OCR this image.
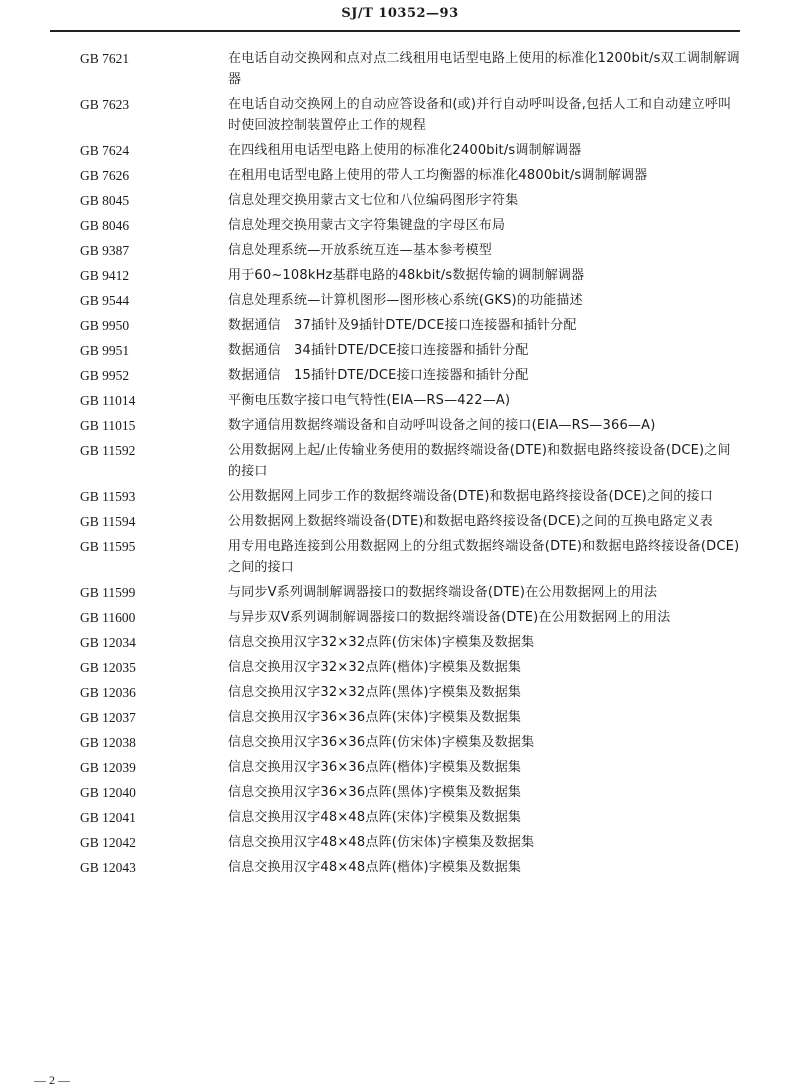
SJ/T 10352—93
GB 7621	在电话自动交换网和点对点二线租用电话型电路上使用的标准化1200bit/s双工调制解调器
GB 7623	在电话自动交换网上的自动应答设备和(或)并行自动呼叫设备,包括人工和自动建立呼叫时使回波控制装置停止工作的规程
GB 7624	在四线租用电话型电路上使用的标准化2400bit/s调制解调器
GB 7626	在租用电话型电路上使用的带人工均衡器的标准化4800bit/s调制解调器
GB 8045	信息处理交换用蒙古文七位和八位编码图形字符集
GB 8046	信息处理交换用蒙古文字符集键盘的字母区布局
GB 9387	信息处理系统—开放系统互连—基本参考模型
GB 9412	用于60~108kHz基群电路的48kbit/s数据传输的调制解调器
GB 9544	信息处理系统—计算机图形—图形核心系统(GKS)的功能描述
GB 9950	数据通信　37插针及9插针DTE/DCE接口连接器和插针分配
GB 9951	数据通信　34插针DTE/DCE接口连接器和插针分配
GB 9952	数据通信　15插针DTE/DCE接口连接器和插针分配
GB 11014	平衡电压数字接口电气特性(EIA—RS—422—A)
GB 11015	数字通信用数据终端设备和自动呼叫设备之间的接口(EIA—RS—366—A)
GB 11592	公用数据网上起/止传输业务使用的数据终端设备(DTE)和数据电路终接设备(DCE)之间的接口
GB 11593	公用数据网上同步工作的数据终端设备(DTE)和数据电路终接设备(DCE)之间的接口
GB 11594	公用数据网上数据终端设备(DTE)和数据电路终接设备(DCE)之间的互换电路定义表
GB 11595	用专用电路连接到公用数据网上的分组式数据终端设备(DTE)和数据电路终接设备(DCE)之间的接口
GB 11599	与同步V系列调制解调器接口的数据终端设备(DTE)在公用数据网上的用法
GB 11600	与异步双V系列调制解调器接口的数据终端设备(DTE)在公用数据网上的用法
GB 12034	信息交换用汉字32×32点阵(仿宋体)字模集及数据集
GB 12035	信息交换用汉字32×32点阵(楷体)字模集及数据集
GB 12036	信息交换用汉字32×32点阵(黑体)字模集及数据集
GB 12037	信息交换用汉字36×36点阵(宋体)字模集及数据集
GB 12038	信息交换用汉字36×36点阵(仿宋体)字模集及数据集
GB 12039	信息交换用汉字36×36点阵(楷体)字模集及数据集
GB 12040	信息交换用汉字36×36点阵(黑体)字模集及数据集
GB 12041	信息交换用汉字48×48点阵(宋体)字模集及数据集
GB 12042	信息交换用汉字48×48点阵(仿宋体)字模集及数据集
GB 12043	信息交换用汉字48×48点阵(楷体)字模集及数据集
— 2 —
